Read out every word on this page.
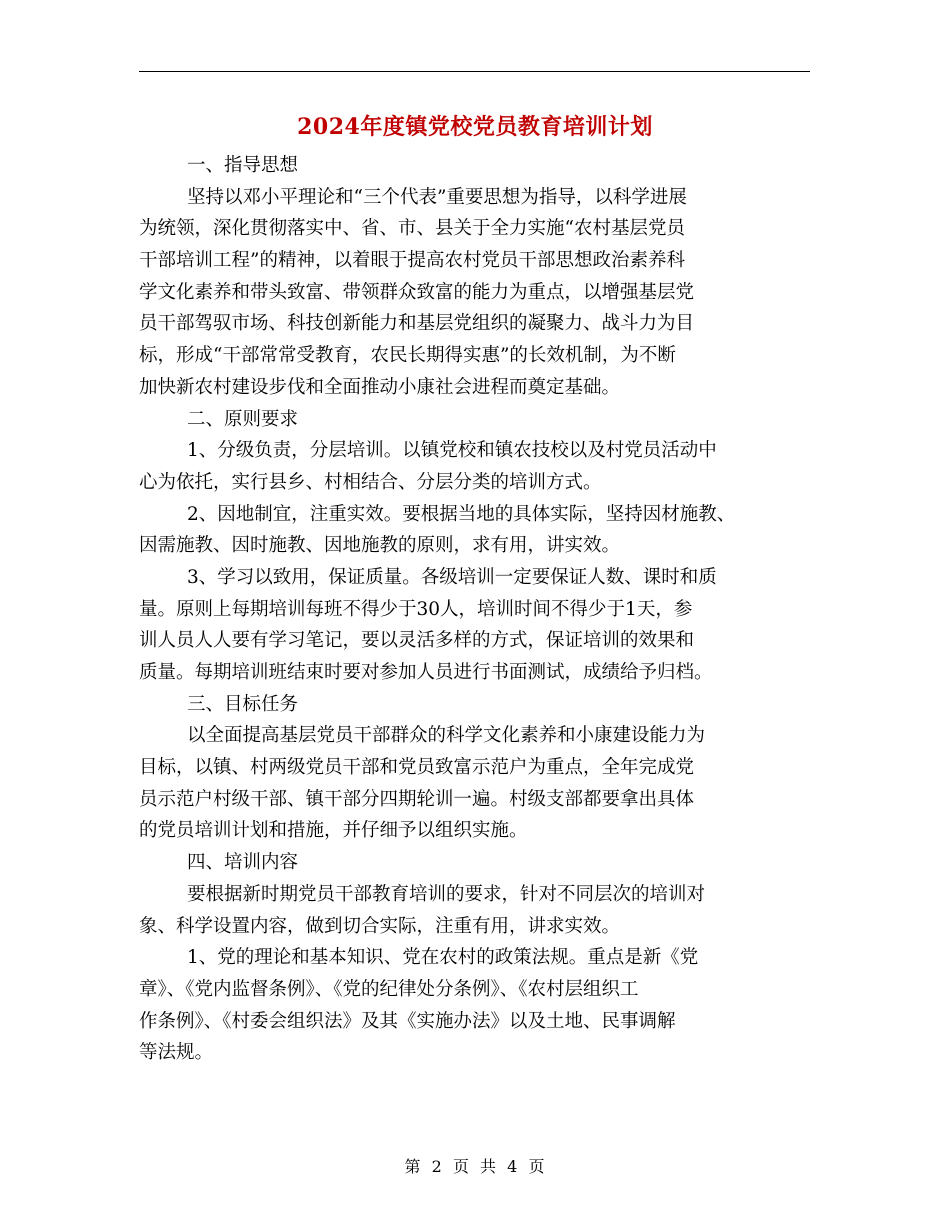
2024年度镇党校党员教育培训计划
一、指导思想
坚持以邓小平理论和“三个代表”重要思想为指导，以科学进展
为统领，深化贯彻落实中、省、市、县关于全力实施“农村基层党员
干部培训工程”的精神，以着眼于提高农村党员干部思想政治素养科
学文化素养和带头致富、带领群众致富的能力为重点，以增强基层党
员干部驾驭市场、科技创新能力和基层党组织的凝聚力、战斗力为目
标，形成“干部常常受教育，农民长期得实惠”的长效机制，为不断
加快新农村建设步伐和全面推动小康社会进程而奠定基础。
二、原则要求
1、分级负责，分层培训。以镇党校和镇农技校以及村党员活动中
心为依托，实行县乡、村相结合、分层分类的培训方式。
2、因地制宜，注重实效。要根据当地的具体实际，坚持因材施教、
因需施教、因时施教、因地施教的原则，求有用，讲实效。
3、学习以致用，保证质量。各级培训一定要保证人数、课时和质
量。原则上每期培训每班不得少于30人，培训时间不得少于1天，参
训人员人人要有学习笔记，要以灵活多样的方式，保证培训的效果和
质量。每期培训班结束时要对参加人员进行书面测试，成绩给予归档。
三、目标任务
以全面提高基层党员干部群众的科学文化素养和小康建设能力为
目标，以镇、村两级党员干部和党员致富示范户为重点，全年完成党
员示范户村级干部、镇干部分四期轮训一遍。村级支部都要拿出具体
的党员培训计划和措施，并仔细予以组织实施。
四、培训内容
要根据新时期党员干部教育培训的要求，针对不同层次的培训对
象、科学设置内容，做到切合实际，注重有用，讲求实效。
1、党的理论和基本知识、党在农村的政策法规。重点是新《党
章》、《党内监督条例》、《党的纪律处分条例》、《农村层组织工
作条例》、《村委会组织法》及其《实施办法》以及土地、民事调解
等法规。
第 2 页 共 4 页
